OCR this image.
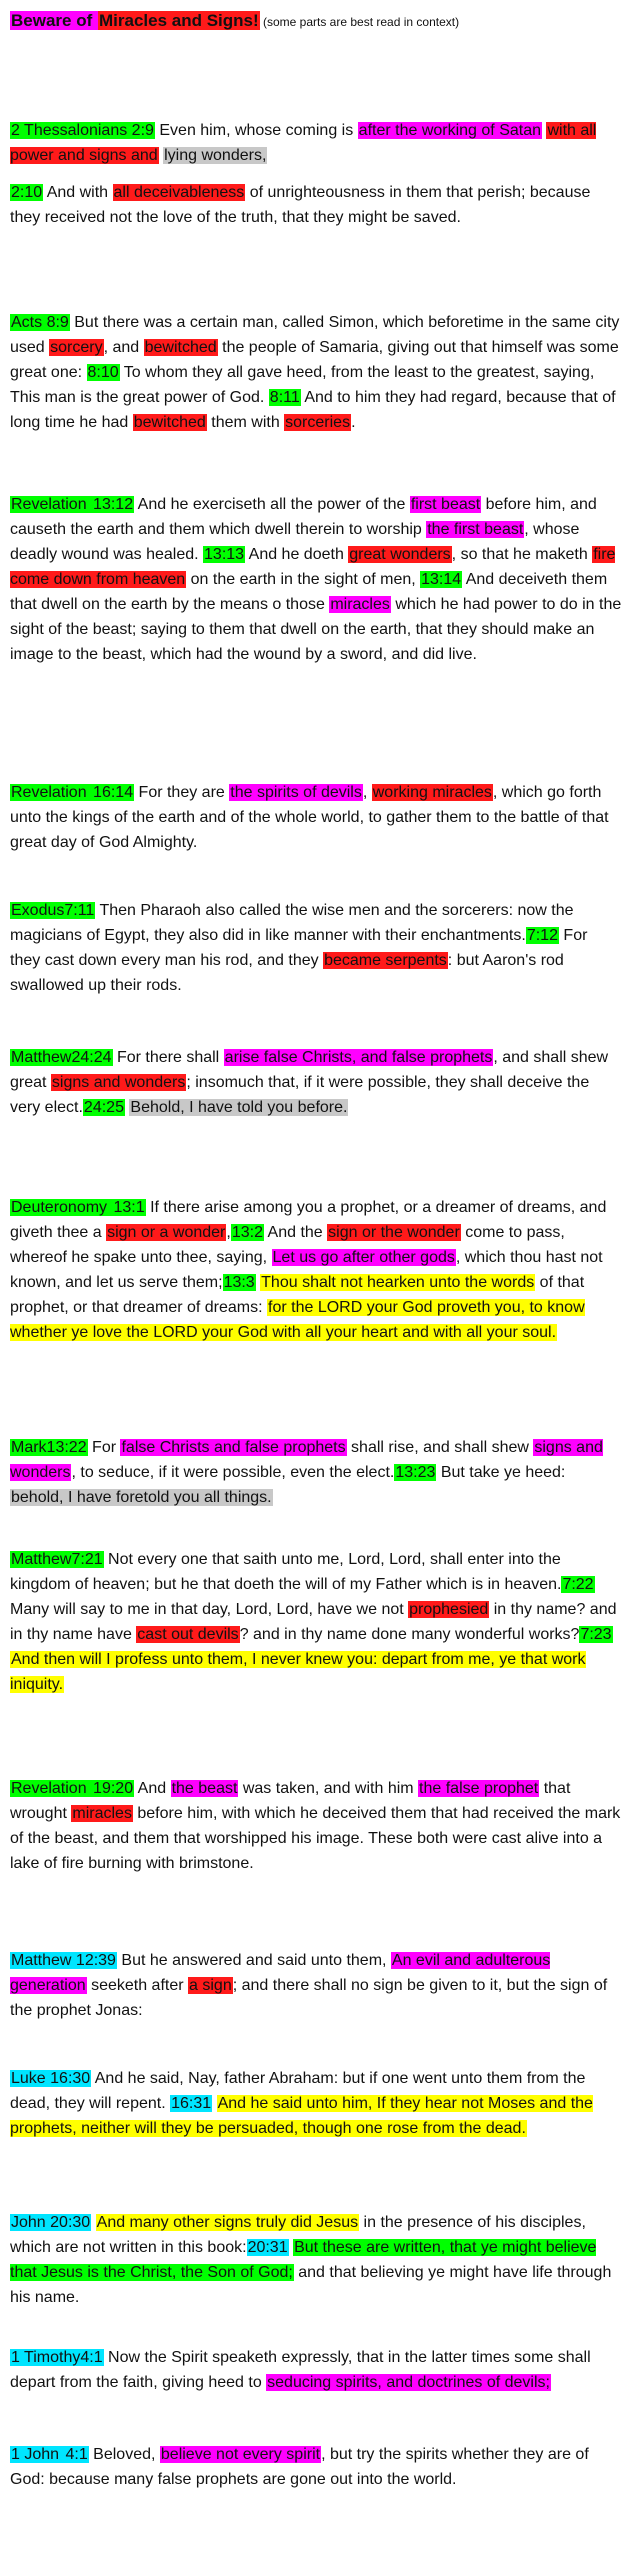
Beware of Miracles and Signs! (some parts are best read in context)

2 Thessalonians 2:9 Even him, whose coming is after the working of Satan with all power and signs and lying wonders,

2:10 And with all deceivableness of unrighteousness in them that perish; because they received not the love of the truth, that they might be saved.

Acts 8:9 But there was a certain man, called Simon, which beforetime in the same city used sorcery, and bewitched the people of Samaria, giving out that himself was some great one: 8:10 To whom they all gave heed, from the least to the greatest, saying, This man is the great power of God. 8:11 And to him they had regard, because that of long time he had bewitched them with sorceries.

Revelation 13:12 And he exerciseth all the power of the first beast before him, and causeth the earth and them which dwell therein to worship the first beast, whose deadly wound was healed. 13:13 And he doeth great wonders, so that he maketh fire come down from heaven on the earth in the sight of men, 13:14 And deceiveth them that dwell on the earth by the means o those miracles which he had power to do in the sight of the beast; saying to them that dwell on the earth, that they should make an image to the beast, which had the wound by a sword, and did live.

Revelation 16:14 For they are the spirits of devils, working miracles, which go forth unto the kings of the earth and of the whole world, to gather them to the battle of that great day of God Almighty.

Exodus7:11 Then Pharaoh also called the wise men and the sorcerers: now the magicians of Egypt, they also did in like manner with their enchantments.7:12 For they cast down every man his rod, and they became serpents: but Aaron's rod swallowed up their rods.

Matthew24:24 For there shall arise false Christs, and false prophets, and shall shew great signs and wonders; insomuch that, if it were possible, they shall deceive the very elect.24:25 Behold, I have told you before.

Deuteronomy 13:1 If there arise among you a prophet, or a dreamer of dreams, and giveth thee a sign or a wonder,13:2 And the sign or the wonder come to pass, whereof he spake unto thee, saying, Let us go after other gods, which thou hast not known, and let us serve them;13:3 Thou shalt not hearken unto the words of that prophet, or that dreamer of dreams: for the LORD your God proveth you, to know whether ye love the LORD your God with all your heart and with all your soul.

Mark13:22 For false Christs and false prophets shall rise, and shall shew signs and wonders, to seduce, if it were possible, even the elect.13:23 But take ye heed: behold, I have foretold you all things.

Matthew7:21 Not every one that saith unto me, Lord, Lord, shall enter into the kingdom of heaven; but he that doeth the will of my Father which is in heaven.7:22 Many will say to me in that day, Lord, Lord, have we not prophesied in thy name? and in thy name have cast out devils? and in thy name done many wonderful works?7:23 And then will I profess unto them, I never knew you: depart from me, ye that work iniquity.

Revelation 19:20 And the beast was taken, and with him the false prophet that wrought miracles before him, with which he deceived them that had received the mark of the beast, and them that worshipped his image. These both were cast alive into a lake of fire burning with brimstone.

Matthew 12:39 But he answered and said unto them, An evil and adulterous generation seeketh after a sign; and there shall no sign be given to it, but the sign of the prophet Jonas:

Luke 16:30 And he said, Nay, father Abraham: but if one went unto them from the dead, they will repent. 16:31 And he said unto him, If they hear not Moses and the prophets, neither will they be persuaded, though one rose from the dead.

John 20:30 And many other signs truly did Jesus in the presence of his disciples, which are not written in this book:20:31 But these are written, that ye might believe that Jesus is the Christ, the Son of God; and that believing ye might have life through his name.

1 Timothy4:1 Now the Spirit speaketh expressly, that in the latter times some shall depart from the faith, giving heed to seducing spirits, and doctrines of devils;

1 John 4:1 Beloved, believe not every spirit, but try the spirits whether they are of God: because many false prophets are gone out into the world.
